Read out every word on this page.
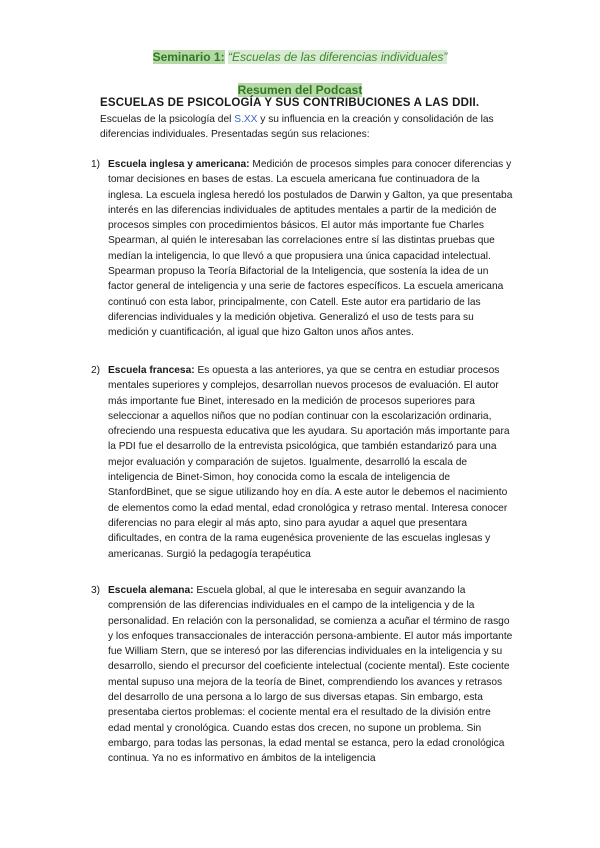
Seminario 1: “Escuelas de las diferencias individuales”
Resumen del Podcast
ESCUELAS DE PSICOLOGÍA Y SUS CONTRIBUCIONES A LAS DDII.

Escuelas de la psicología del S.XX y su influencia en la creación y consolidación de las diferencias individuales. Presentadas según sus relaciones:

1) Escuela inglesa y americana: Medición de procesos simples para conocer diferencias y tomar decisiones en bases de estas. La escuela americana fue continuadora de la inglesa. La escuela inglesa heredó los postulados de Darwin y Galton, ya que presentaba interés en las diferencias individuales de aptitudes mentales a partir de la medición de procesos simples con procedimientos básicos. El autor más importante fue Charles Spearman, al quién le interesaban las correlaciones entre sí las distintas pruebas que medían la inteligencia, lo que llevó a que propusiera una única capacidad intelectual. Spearman propuso la Teoría Bifactorial de la Inteligencia, que sostenía la idea de un factor general de inteligencia y una serie de factores específicos. La escuela americana continuó con esta labor, principalmente, con Catell. Este autor era partidario de las diferencias individuales y la medición objetiva. Generalizó el uso de tests para su medición y cuantificación, al igual que hizo Galton unos años antes.
2) Escuela francesa: Es opuesta a las anteriores, ya que se centra en estudiar procesos mentales superiores y complejos, desarrollan nuevos procesos de evaluación. El autor más importante fue Binet, interesado en la medición de procesos superiores para seleccionar a aquellos niños que no podían continuar con la escolarización ordinaria, ofreciendo una respuesta educativa que les ayudara. Su aportación más importante para la PDI fue el desarrollo de la entrevista psicológica, que también estandarizó para una mejor evaluación y comparación de sujetos. Igualmente, desarrolló la escala de inteligencia de Binet-Simon, hoy conocida como la escala de inteligencia de StanfordBinet, que se sigue utilizando hoy en día. A este autor le debemos el nacimiento de elementos como la edad mental, edad cronológica y retraso mental. Interesa conocer diferencias no para elegir al más apto, sino para ayudar a aquel que presentara dificultades, en contra de la rama eugenésica proveniente de las escuelas inglesas y americanas. Surgió la pedagogía terapéutica
3) Escuela alemana: Escuela global, al que le interesaba en seguir avanzando la comprensión de las diferencias individuales en el campo de la inteligencia y de la personalidad. En relación con la personalidad, se comienza a acuñar el término de rasgo y los enfoques transaccionales de interacción persona-ambiente. El autor más importante fue William Stern, que se interesó por las diferencias individuales en la inteligencia y su desarrollo, siendo el precursor del coeficiente intelectual (cociente mental). Este cociente mental supuso una mejora de la teoría de Binet, comprendiendo los avances y retrasos del desarrollo de una persona a lo largo de sus diversas etapas. Sin embargo, esta presentaba ciertos problemas: el cociente mental era el resultado de la división entre edad mental y cronológica. Cuando estas dos crecen, no supone un problema. Sin embargo, para todas las personas, la edad mental se estanca, pero la edad cronológica continua. Ya no es informativo en ámbitos de la inteligencia
